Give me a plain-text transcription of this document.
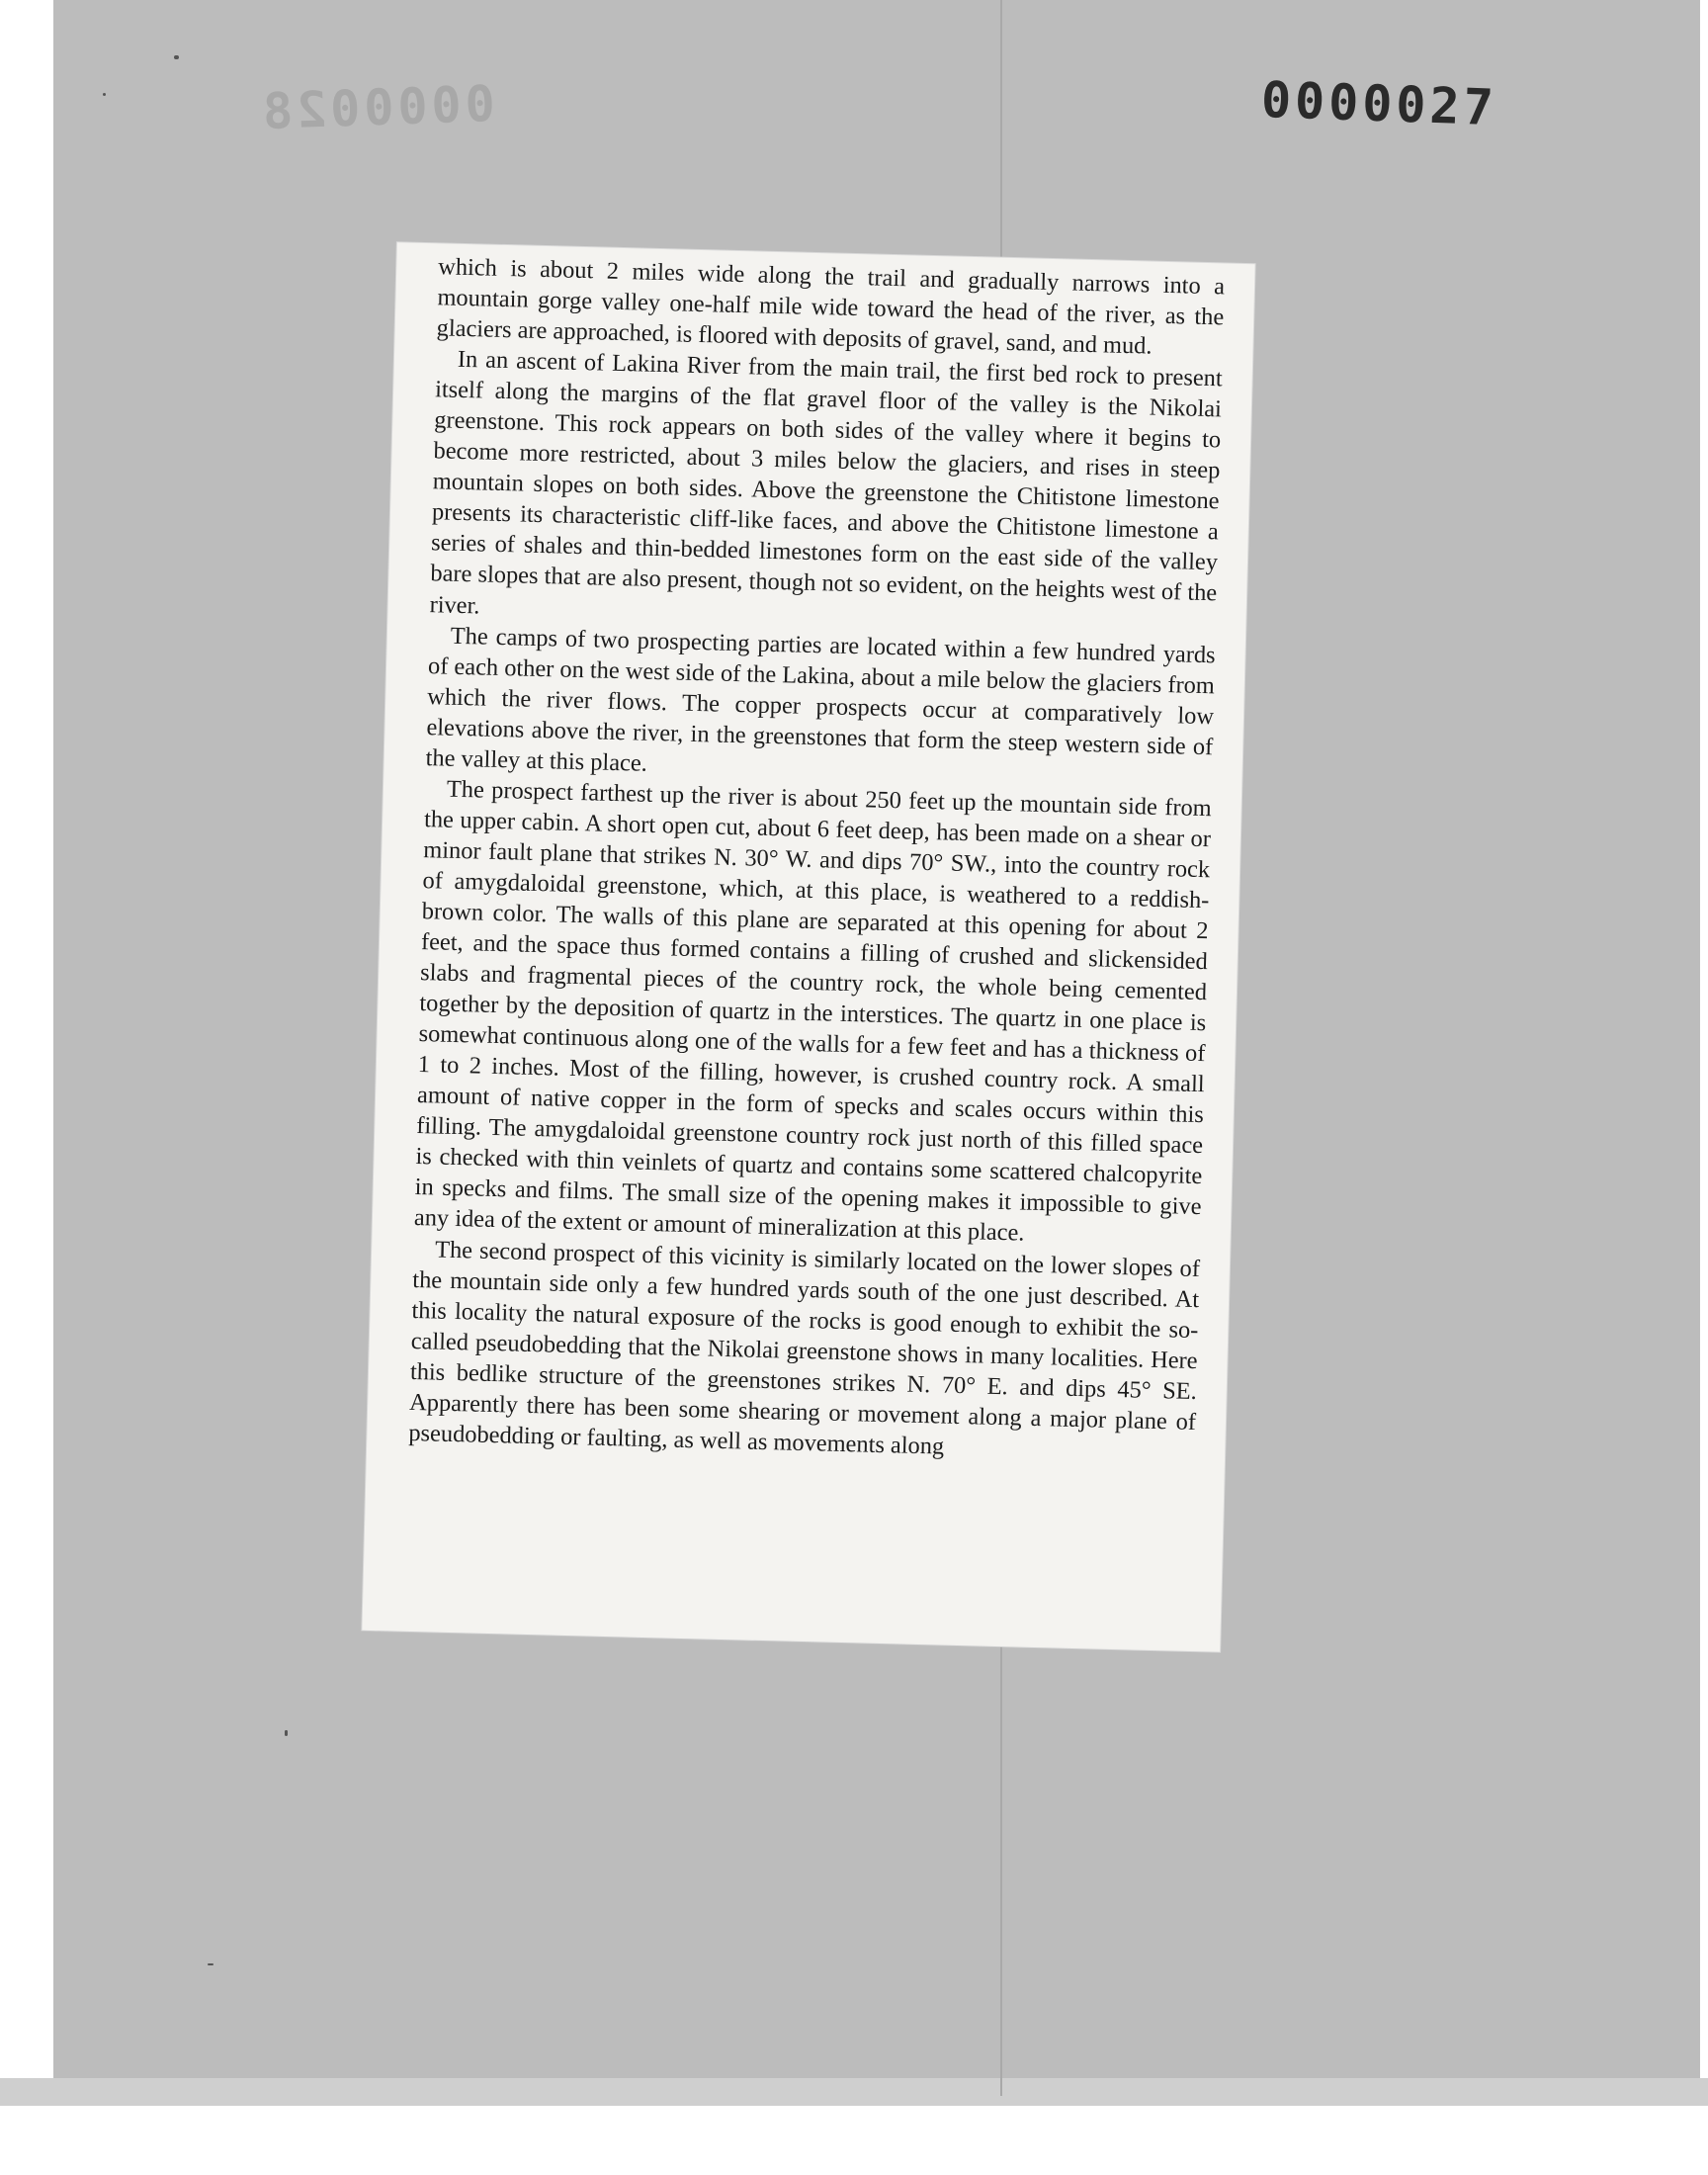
0000028	0000027

which is about 2 miles wide along the trail and gradually narrows into a mountain gorge valley one-half mile wide toward the head of the river, as the glaciers are approached, is floored with deposits of gravel, sand, and mud.

In an ascent of Lakina River from the main trail, the first bed rock to present itself along the margins of the flat gravel floor of the valley is the Nikolai greenstone. This rock appears on both sides of the valley where it begins to become more restricted, about 3 miles below the glaciers, and rises in steep mountain slopes on both sides. Above the greenstone the Chitistone limestone presents its characteristic cliff-like faces, and above the Chitistone limestone a series of shales and thin-bedded limestones form on the east side of the valley bare slopes that are also present, though not so evident, on the heights west of the river.

The camps of two prospecting parties are located within a few hundred yards of each other on the west side of the Lakina, about a mile below the glaciers from which the river flows. The copper prospects occur at comparatively low elevations above the river, in the greenstones that form the steep western side of the valley at this place.

The prospect farthest up the river is about 250 feet up the mountain side from the upper cabin. A short open cut, about 6 feet deep, has been made on a shear or minor fault plane that strikes N. 30° W. and dips 70° SW., into the country rock of amygdaloidal greenstone, which, at this place, is weathered to a reddish-brown color. The walls of this plane are separated at this opening for about 2 feet, and the space thus formed contains a filling of crushed and slickensided slabs and fragmental pieces of the country rock, the whole being cemented together by the deposition of quartz in the interstices. The quartz in one place is somewhat continuous along one of the walls for a few feet and has a thickness of 1 to 2 inches. Most of the filling, however, is crushed country rock. A small amount of native copper in the form of specks and scales occurs within this filling. The amygdaloidal greenstone country rock just north of this filled space is checked with thin veinlets of quartz and contains some scattered chalcopyrite in specks and films. The small size of the opening makes it impossible to give any idea of the extent or amount of mineralization at this place.

The second prospect of this vicinity is similarly located on the lower slopes of the mountain side only a few hundred yards south of the one just described. At this locality the natural exposure of the rocks is good enough to exhibit the so-called pseudobedding that the Nikolai greenstone shows in many localities. Here this bedlike structure of the greenstones strikes N. 70° E. and dips 45° SE. Apparently there has been some shearing or movement along a major plane of pseudobedding or faulting, as well as movements along
